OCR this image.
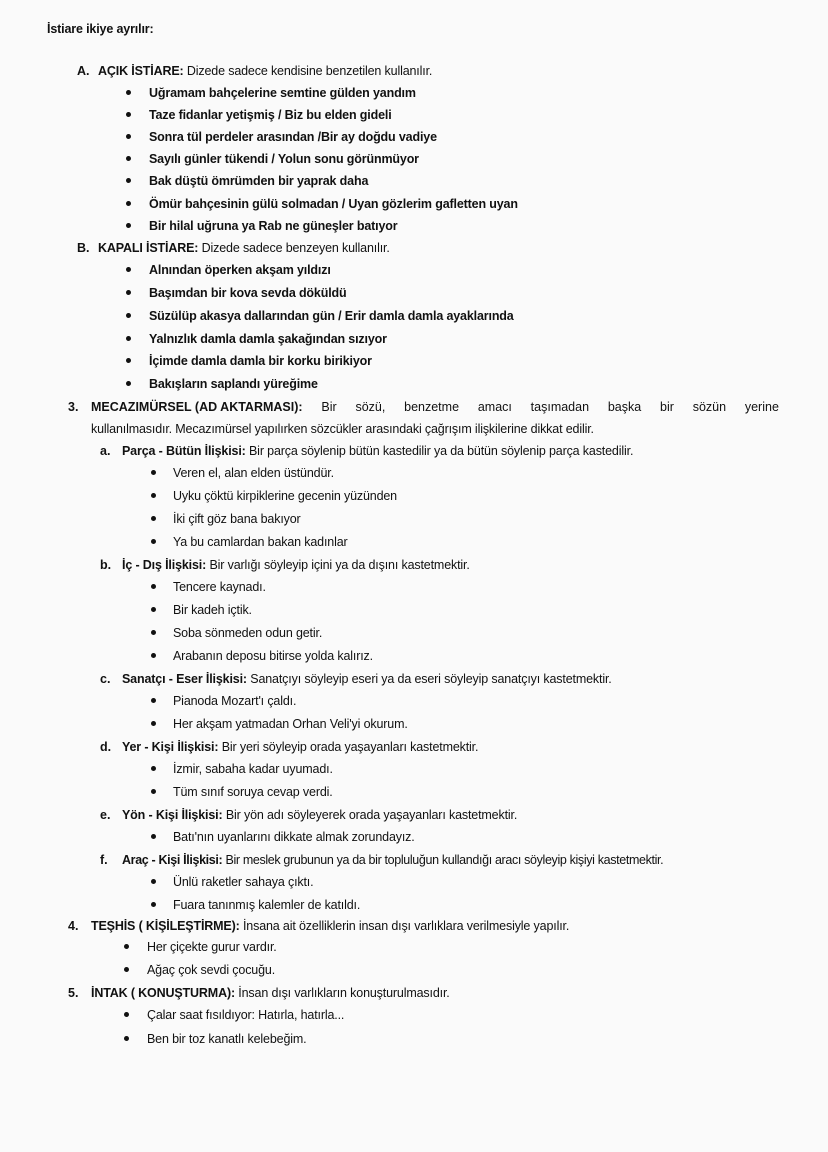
İstiare ikiye ayrılır:
A. AÇIK İSTİARE: Dizede sadece kendisine benzetilen kullanılır.
Uğramam bahçelerine semtine gülden yandım
Taze fidanlar yetişmiş / Biz bu elden gideli
Sonra tül perdeler arasından /Bir ay doğdu vadiye
Sayılı günler tükendi / Yolun sonu görünmüyor
Bak düştü ömrümden bir yaprak daha
Ömür bahçesinin gülü solmadan / Uyan gözlerim gafletten uyan
Bir hilal uğruna ya Rab ne güneşler batıyor
B. KAPALI İSTİARE: Dizede sadece benzeyen kullanılır.
Alnından öperken akşam yıldızı
Başımdan bir kova sevda döküldü
Süzülüp akasya dallarından gün / Erir damla damla ayaklarında
Yalnızlık damla damla şakağından sızıyor
İçimde damla damla bir korku birikiyor
Bakışların saplandı yüreğime
3. MECAZIMÜRSEL (AD AKTARMASI): Bir sözü, benzetme amacı taşımadan başka bir sözün yerine
kullanılmasıdır. Mecazımürsel yapılırken sözcükler arasındaki çağrışım ilişkilerine dikkat edilir.
a. Parça - Bütün İlişkisi: Bir parça söylenip bütün kastedilir ya da bütün söylenip parça kastedilir.
Veren el, alan elden üstündür.
Uyku çöktü kirpiklerine gecenin yüzünden
İki çift göz bana bakıyor
Ya bu camlardan bakan kadınlar
b. İç - Dış İlişkisi: Bir varlığı söyleyip içini ya da dışını kastetmektir.
Tencere kaynadı.
Bir kadeh içtik.
Soba sönmeden odun getir.
Arabanın deposu bitirse yolda kalırız.
c. Sanatçı - Eser İlişkisi: Sanatçıyı söyleyip eseri ya da eseri söyleyip sanatçıyı kastetmektir.
Pianoda Mozart'ı çaldı.
Her akşam yatmadan Orhan Veli'yi okurum.
d. Yer - Kişi İlişkisi: Bir yeri söyleyip orada yaşayanları kastetmektir.
İzmir, sabaha kadar uyumadı.
Tüm sınıf soruya cevap verdi.
e. Yön - Kişi İlişkisi: Bir yön adı söyleyerek orada yaşayanları kastetmektir.
Batı'nın uyanlarını dikkate almak zorundayız.
f. Araç - Kişi İlişkisi: Bir meslek grubunun ya da bir topluluğun kullandığı aracı söyleyip kişiyi kastetmektir.
Ünlü raketler sahaya çıktı.
Fuara tanınmış kalemler de katıldı.
4. TEŞHİS ( KİŞİLEŞTİRME): İnsana ait özelliklerin insan dışı varlıklara verilmesiyle yapılır.
Her çiçekte gurur vardır.
Ağaç çok sevdi çocuğu.
5. İNTAK ( KONUŞTURMA): İnsan dışı varlıkların konuşturulmasıdır.
Çalar saat fısıldıyor: Hatırla, hatırla...
Ben bir toz kanatlı kelebeğim.
